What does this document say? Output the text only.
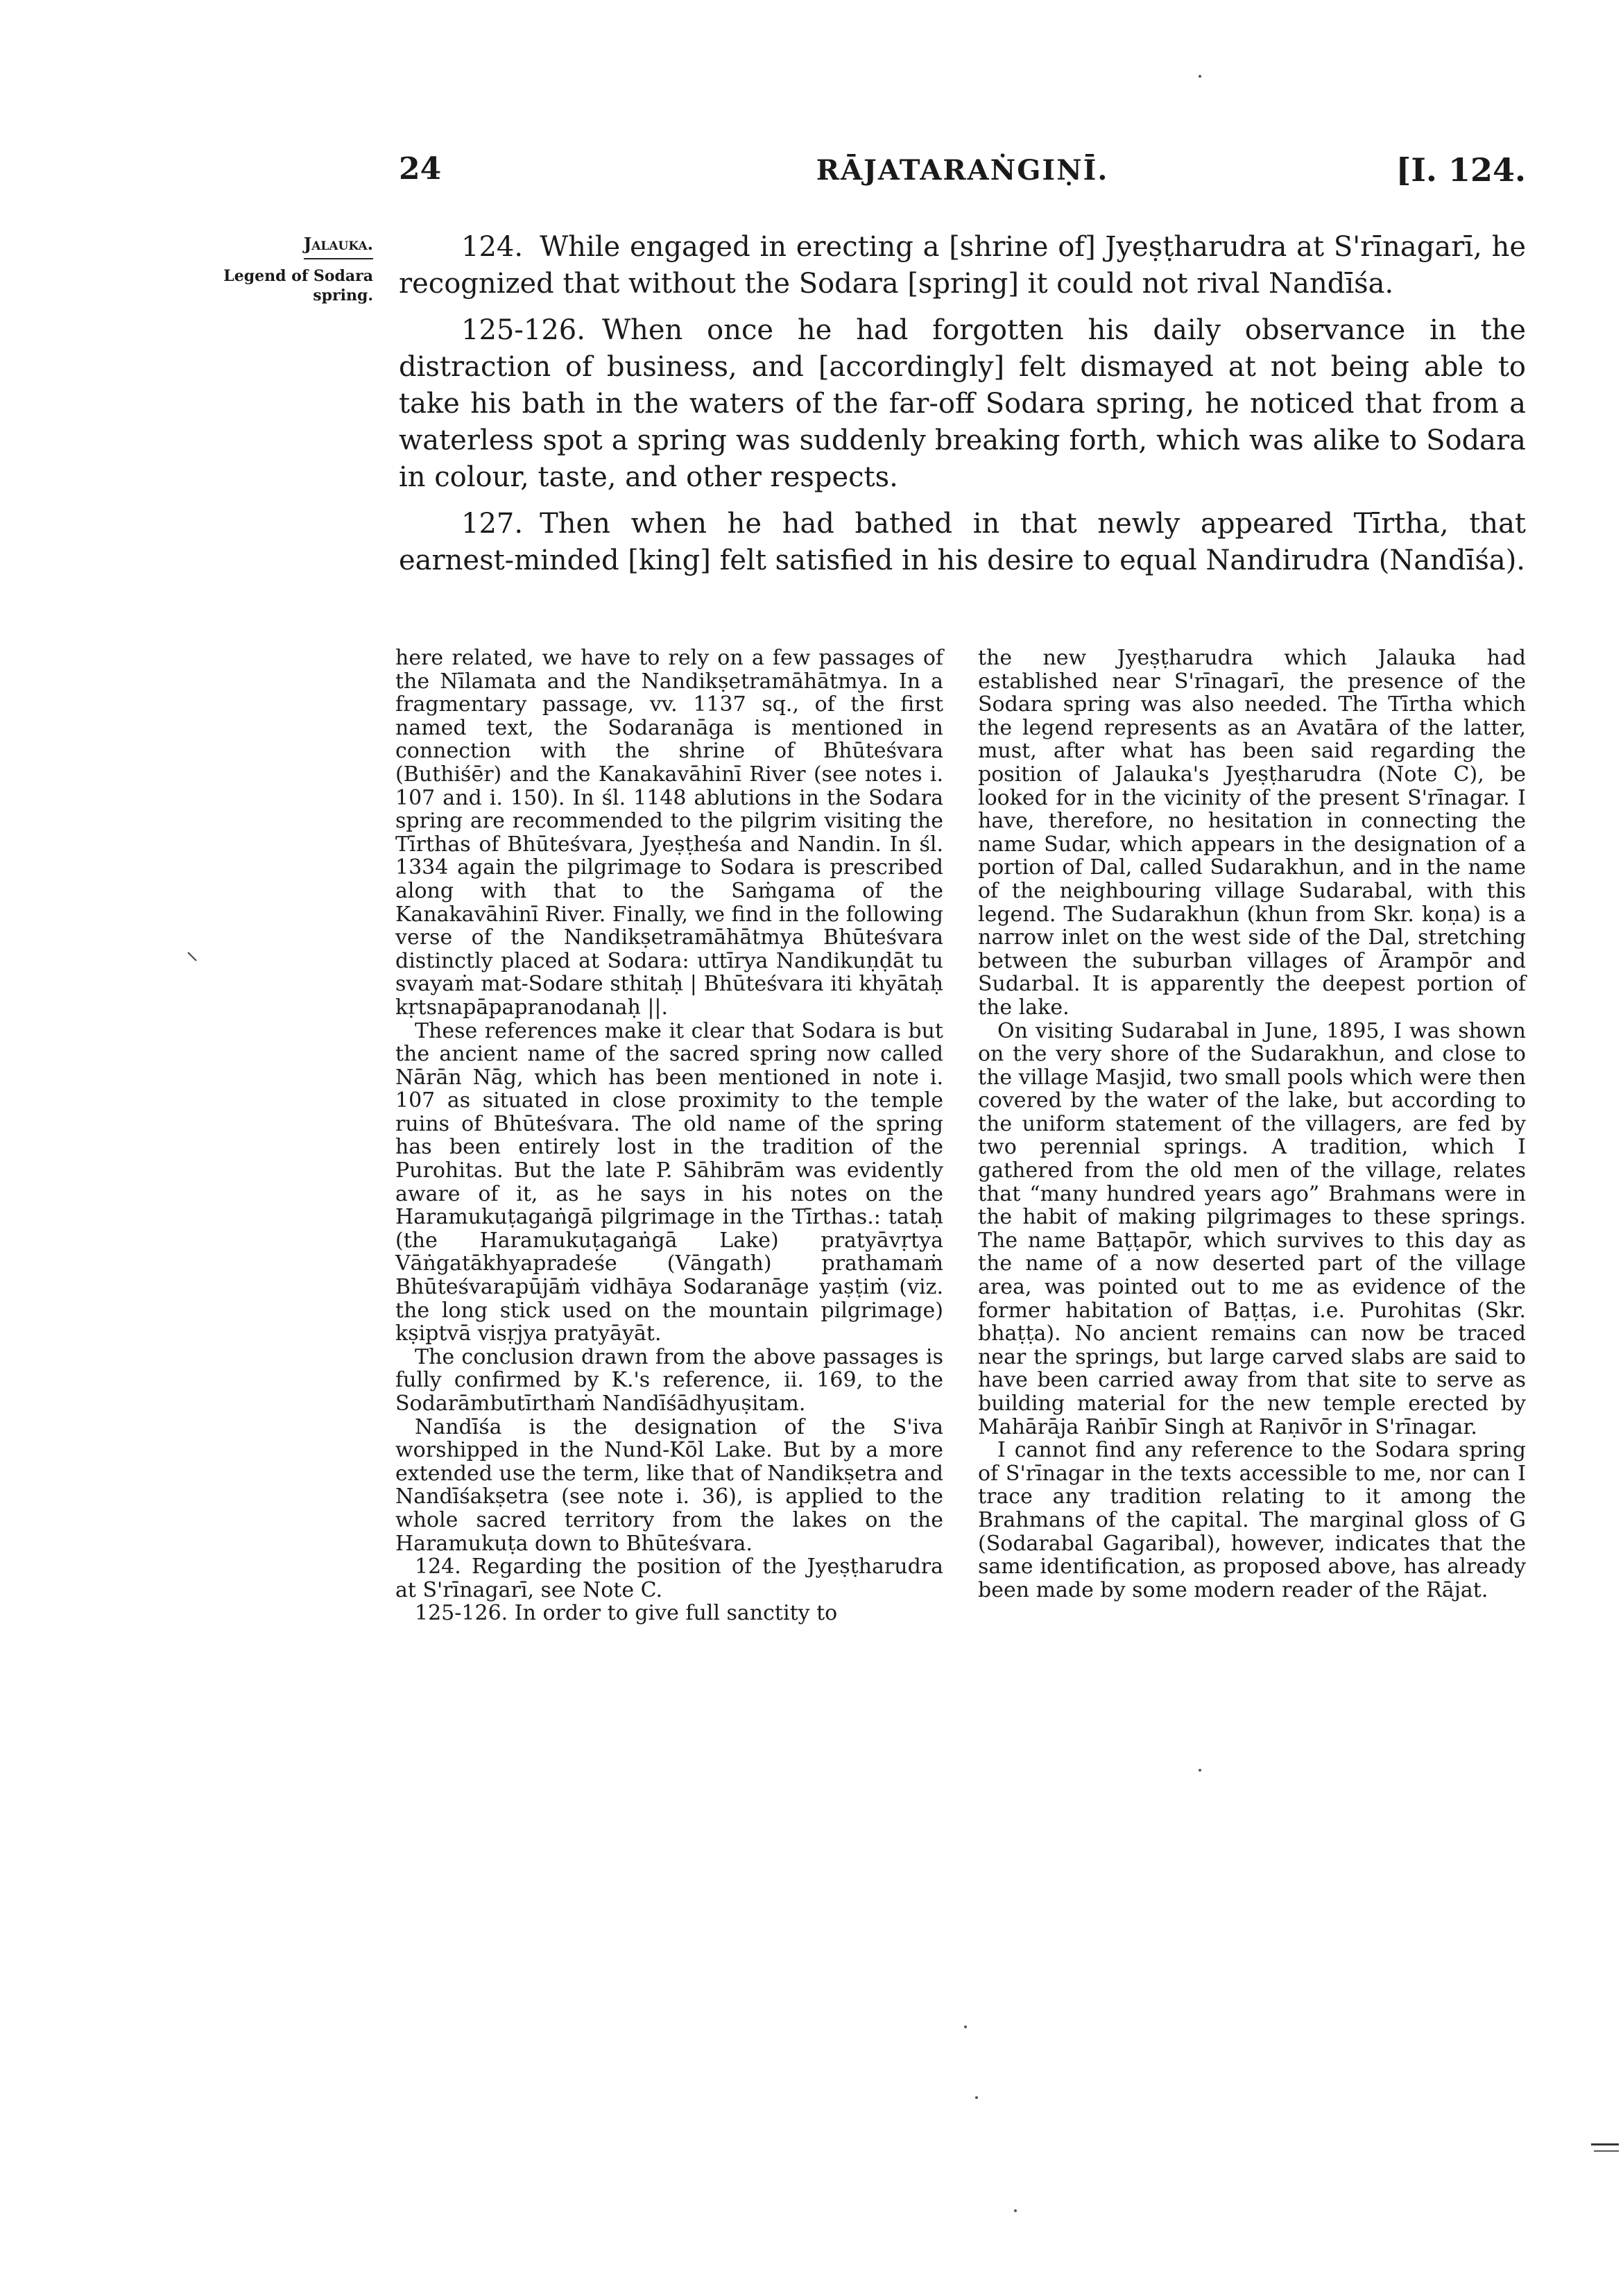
24	RĀJATARAṄGIṆĪ.	[I. 124.
Jalauka.
Legend of Sodara
spring.

124. While engaged in erecting a [shrine of] Jyeṣṭharudra at S'rīnagarī, he recognized that without the Sodara [spring] it could not rival Nandīśa.

125-126. When once he had forgotten his daily observance in the distraction of business, and [accordingly] felt dismayed at not being able to take his bath in the waters of the far-off Sodara spring, he noticed that from a waterless spot a spring was suddenly breaking forth, which was alike to Sodara in colour, taste, and other respects.

127. Then when he had bathed in that newly appeared Tīrtha, that earnest-minded [king] felt satisfied in his desire to equal Nandirudra (Nandīśa).

here related, we have to rely on a few passages of the Nīlamata and the Nandikṣetramāhātmya. In a fragmentary passage, vv. 1137 sq., of the first named text, the Sodaranāga is mentioned in connection with the shrine of Bhūteśvara (Buthiśēr) and the Kanakavāhinī River (see notes i. 107 and i. 150). In śl. 1148 ablutions in the Sodara spring are recommended to the pilgrim visiting the Tīrthas of Bhūteśvara, Jyeṣṭheśa and Nandin. In śl. 1334 again the pilgrimage to Sodara is prescribed along with that to the Saṁgama of the Kanakavāhinī River. Finally, we find in the following verse of the Nandikṣetramāhātmya Bhūteśvara distinctly placed at Sodara: uttīrya Nandikuṇḍāt tu svayaṁ mat-Sodare sthitaḥ | Bhūteśvara iti khyātaḥ kṛtsnapāpapranodanaḥ ||.

These references make it clear that Sodara is but the ancient name of the sacred spring now called Nārān Nāg, which has been mentioned in note i. 107 as situated in close proximity to the temple ruins of Bhūteśvara. The old name of the spring has been entirely lost in the tradition of the Purohitas. But the late P. Sāhibrām was evidently aware of it, as he says in his notes on the Haramukuṭagaṅgā pilgrimage in the Tīrthas.: tataḥ (the Haramukuṭagaṅgā Lake) pratyāvṛtya Vāṅgatākhyapradeśe (Vāngath) prathamaṁ Bhūteśvarapūjāṁ vidhāya Sodaranāge yaṣṭiṁ (viz. the long stick used on the mountain pilgrimage) kṣiptvā visṛjya pratyāyāt.

The conclusion drawn from the above passages is fully confirmed by K.'s reference, ii. 169, to the Sodarāmbutīrthaṁ Nandīśādhyuṣitam.

Nandīśa is the designation of the S'iva worshipped in the Nund-Kōl Lake. But by a more extended use the term, like that of Nandikṣetra and Nandīśakṣetra (see note i. 36), is applied to the whole sacred territory from the lakes on the Haramukuṭa down to Bhūteśvara.

124. Regarding the position of the Jyeṣṭharudra at S'rīnagarī, see Note C.

125-126. In order to give full sanctity to

the new Jyeṣṭharudra which Jalauka had established near S'rīnagarī, the presence of the Sodara spring was also needed. The Tīrtha which the legend represents as an Avatāra of the latter, must, after what has been said regarding the position of Jalauka's Jyeṣṭharudra (Note C), be looked for in the vicinity of the present S'rīnagar. I have, therefore, no hesitation in connecting the name Sudar, which appears in the designation of a portion of Dal, called Sudarakhun, and in the name of the neighbouring village Sudarabal, with this legend. The Sudarakhun (khun from Skr. koṇa) is a narrow inlet on the west side of the Dal, stretching between the suburban villages of Ārampōr and Sudarbal. It is apparently the deepest portion of the lake.

On visiting Sudarabal in June, 1895, I was shown on the very shore of the Sudarakhun, and close to the village Masjid, two small pools which were then covered by the water of the lake, but according to the uniform statement of the villagers, are fed by two perennial springs. A tradition, which I gathered from the old men of the village, relates that “many hundred years ago” Brahmans were in the habit of making pilgrimages to these springs. The name Baṭṭapōr, which survives to this day as the name of a now deserted part of the village area, was pointed out to me as evidence of the former habitation of Baṭṭas, i.e. Purohitas (Skr. bhaṭṭa). No ancient remains can now be traced near the springs, but large carved slabs are said to have been carried away from that site to serve as building material for the new temple erected by Mahārāja Raṅbīr Singh at Raṇivōr in S'rīnagar.

I cannot find any reference to the Sodara spring of S'rīnagar in the texts accessible to me, nor can I trace any tradition relating to it among the Brahmans of the capital. The marginal gloss of G (Sodarabal Gagaribal), however, indicates that the same identification, as proposed above, has already been made by some modern reader of the Rājat.
